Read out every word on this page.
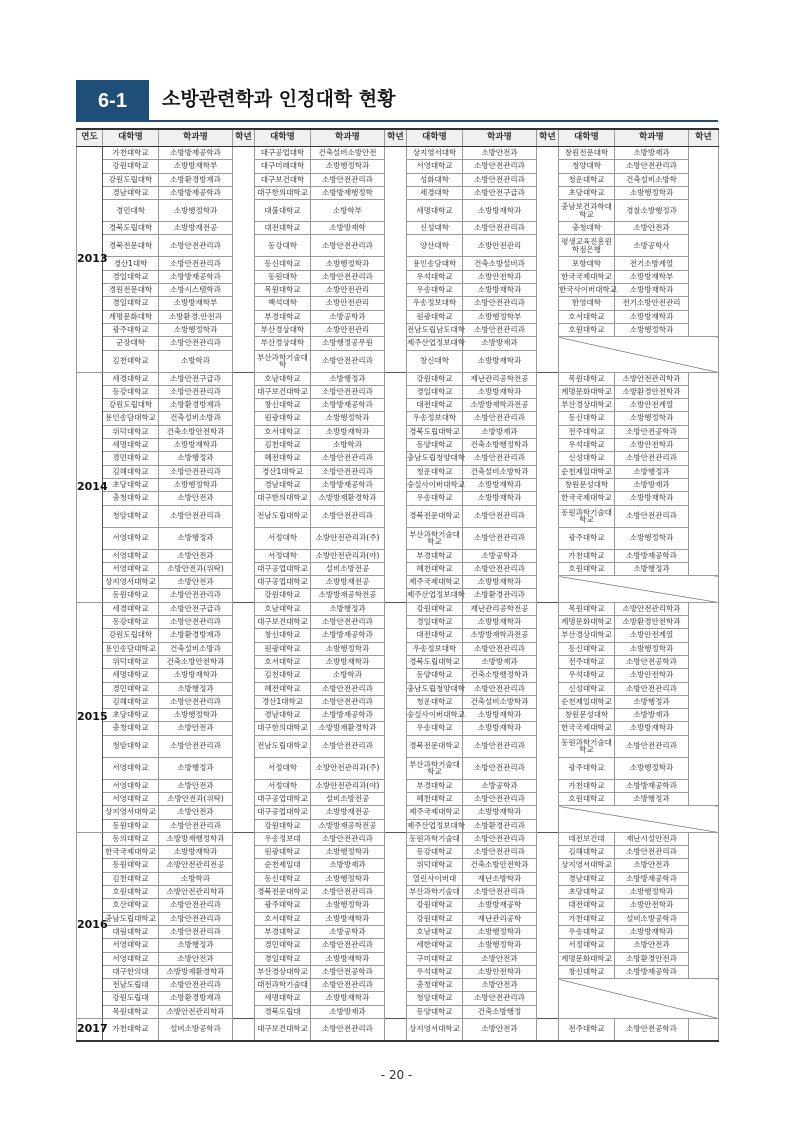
6-1	소방관련학과 인정대학 현황
연도	대학명	학과명	학년	대학명	학과명	학년	대학명	학과명	학년	대학명	학과명	학년
2013	가천대학교	소방방재공학과		대구공업대학	건축설비소방안전		상지영서대학	소방안전과		창원전문대학	소방방재과	
	강원대학교	소방방재학부		대구미래대학	소방행정학과		서영대학교	소방안전관리과		청양대학	소방안전관리과	
	강원도립대학	소방환경방재과		대구보건대학	소방안전관리과		성화대학	소방안전관리과		청운대학교	건축설비소방학	
	경남대학교	소방방재공학과		대구한의대학교	소방방재행정학		세경대학	소방안전구급과		초당대학교	소방행정학과	
	경민대학	소방행정학과		대불대학교	소방학부		세명대학교	소방방재학과		충남보건과학대학교	경찰소방행정과	
	경북도립대학	소방방재전공		대전대학교	소방방재학		신성대학	소방안전관리과		충청대학	소방안전과	
	경북전문대학	소방안전관리과		동강대학	소방안전관리과		양산대학	소방안전관리		평생교육진흥원학점은행	소방공학사	
	경산1대학	소방안전관리과		동신대학교	소방행정학과		용인송담대학	건축소방설비과		포항대학	전기소방계열	
	경일대학교	소방방재공학과		동원대학	소방안전관리과		우석대학교	소방안전학과		한국국제대학교	소방방재학부	
	경원전문대학	소방시스템학과		목원대학교	소방안전관리		우송대학교	소방방재학과		한국사이버대학교	소방방재학과	
	경일대학교	소방방재학부		백석대학	소방안전관리		우송정보대학	소방안전관리과		한영대학	전기소방안전관리	
	계명문화대학	소방환경.안전과		부경대학교	소방공학과		원광대학교	소방행정학부		호서대학교	소방방재학과	
	광주대학교	소방행정학과		부산경상대학	소방안전관리		전남도립남도대학	소방안전관리과		호원대학교	소방행정학과	
	군장대학	소방안전관리과		부산경상대학	소방행정공무원		제주산업정보대학	소방방재과				
	김천대학교	소방학과		부산과학기술대학	소방안전관리과		창신대학	소방방재학과				
2014	세경대학교	소방안전구급과		호남대학교	소방행정과		강원대학교	재난관리공학전공		목원대학교	소방안전관리학과	
	동강대학교	소방안전관리과		대구보건대학교	소방안전관리과		경일대학교	소방방재학과		계명문화대학교	소방환경안전학과	
	강원도립대학	소방환경방재과		창신대학교	소방방재공학과		대전대학교	소방방재학과전공		부산경상대학교	소방안전계열	
	용인송담대학교	건축설비소방과		원광대학교	소방행정학과		우송정보대학	소방안전관리과		동신대학교	소방행정학과	
	위덕대학교	건축소방안전학과		호서대학교	소방방재학과		경북도립대학교	소방방재과		전주대학교	소방안전공학과	
	세명대학교	소방방재학과		김천대학교	소방학과		동양대학교	건축소방행정학과		우석대학교	소방안전학과	
	경민대학교	소방행정과		혜전대학교	소방안전관리과		충남도립청양대학	소방안전관리과		신성대학교	소방안전관리과	
	김해대학교	소방안전관리과		경산1대학교	소방안전관리과		청운대학교	건축설비소방학과		순천제일대학교	소방행정과	
	초당대학교	소방행정학과		경남대학교	소방방재공학과		숭실사이버대학교	소방방재학과		창원문성대학	소방방재과	
	충청대학교	소방안전과		대구한의대학교	소방방재환경학과		우송대학교	소방방재학과		한국국제대학교	소방방재학과	
	청암대학교	소방안전관리과		전남도립대학교	소방안전관리과		경북전문대학교	소방안전관리과		동원과학기술대학교	소방안전관리과	
	서영대학교	소방행정과		서정대학	소방안전관리과(주)		부산과학기술대학교	소방안전관리과		광주대학교	소방행정학과	
	서영대학교	소방안전과		서정대학	소방안전관리과(야)		부경대학교	소방공학과		가천대학교	소방방재공학과	
	서영대학교	소방안전과(위탁)		대구공업대학교	설비소방전공		혜천대학교	소방안전관리과		호원대학교	소방행정과	
	상지영서대학교	소방안전과		대구공업대학교	소방방재전공		제주국제대학교	소방방재학과				
	동원대학교	소방안전관리과		강원대학교	소방방재공학전공		제주산업정보대학	소방환경관리과				
2015	세경대학교	소방안전구급과		호남대학교	소방행정과		강원대학교	재난관리공학전공		목원대학교	소방안전관리학과	
	동강대학교	소방안전관리과		대구보건대학교	소방안전관리과		경일대학교	소방방재학과		계명문화대학교	소방환경안전학과	
	강원도립대학	소방환경방재과		창신대학교	소방방재공학과		대전대학교	소방방재학과전공		부산경상대학교	소방안전계열	
	용인송담대학교	건축설비소방과		원광대학교	소방행정학과		우송정보대학	소방안전관리과		동신대학교	소방행정학과	
	위덕대학교	건축소방안전학과		호서대학교	소방방재학과		경북도립대학교	소방방재과		전주대학교	소방안전공학과	
	세명대학교	소방방재학과		김천대학교	소방학과		동양대학교	건축소방행정학과		우석대학교	소방안전학과	
	경민대학교	소방행정과		혜전대학교	소방안전관리과		충남도립청양대학	소방안전관리과		신성대학교	소방안전관리과	
	김해대학교	소방안전관리과		경산1대학교	소방안전관리과		청운대학교	건축설비소방학과		순천제일대학교	소방행정과	
	초당대학교	소방행정학과		경남대학교	소방방재공학과		숭실사이버대학교	소방방재학과		창원문성대학	소방방재과	
	충청대학교	소방안전과		대구한의대학교	소방방재환경학과		우송대학교	소방방재학과		한국국제대학교	소방방재학과	
	청암대학교	소방안전관리과		전남도립대학교	소방안전관리과		경북전문대학교	소방안전관리과		동원과학기술대학교	소방안전관리과	
	서영대학교	소방행정과		서정대학	소방안전관리과(주)		부산과학기술대학교	소방안전관리과		광주대학교	소방행정학과	
	서영대학교	소방안전과		서정대학	소방안전관리과(야)		부경대학교	소방공학과		가천대학교	소방방재공학과	
	서영대학교	소방안전과(위탁)		대구공업대학교	설비소방전공		혜천대학교	소방안전관리과		호원대학교	소방행정과	
	상지영서대학교	소방안전과		대구공업대학교	소방방재전공		제주국제대학교	소방방재학과				
	동원대학교	소방안전관리과		강원대학교	소방방재공학전공		제주산업정보대학	소방환경관리과				
2016	동의대학교	소방방재행정학과		우송정보대	소방안전관리과		동원과학기술대	소방안전관리과		대전보건대	재난시설안전과	
	한국국제대학교	소방방재학과		원광대학교	소방행정학과		동강대학교	소방안전관리과		김해대학교	소방안전관리과	
	동원대학교	소방안전관리전공		순천제일대	소방방재과		위덕대학교	건축소방안전학과		상지영서대학교	소방안전과	
	김천대학교	소방학과		동신대학교	소방행정학과		열린사이버대	재난소방학과		경남대학교	소방방재공학과	
	호원대학교	소방안전관리학과		경북전문대학교	소방안전관리과		부산과학기술대	소방안전관리과		초당대학교	소방행정학과	
	호산대학교	소방안전관리과		광주대학교	소방행정학과		강원대학교	소방방재공학		대전대학교	소방안전학과	
	충남도립대학교	소방안전관리과		호서대학교	소방방재학과		강원대학교	재난관리공학		가천대학교	설비소방공학과	
	대림대학교	소방안전관리과		부경대학교	소방공학과		호남대학교	소방행정학과		우송대학교	소방방재학과	
	서영대학교	소방행정과		경민대학교	소방안전관리과		세한대학교	소방행정학과		서정대학교	소방안전과	
	서영대학교	소방안전과		경일대학교	소방방재학과		구미대학교	소방안전과		계명문화대학교	소방환경안전과	
	대구한의대	소방방재환경학과		부산경상대학교	소방안전공학과		우석대학교	소방안전학과		창신대학교	소방방재공학과	
	전남도립대	소방안전관리과		대전과학기술대	소방안전관리과		충청대학교	소방안전과				
	강원도립대	소방환경방재과		세명대학교	소방방재학과		청암대학교	소방안전관리과				
	목원대학교	소방안전관리학과		경북도립대	소방방재과		동양대학교	건축소방행정				
2017	가천대학교	설비소방공학과		대구보건대학교	소방안전관리과		상지영서대학교	소방안전과		전주대학교	소방안전공학과	
- 20 -
